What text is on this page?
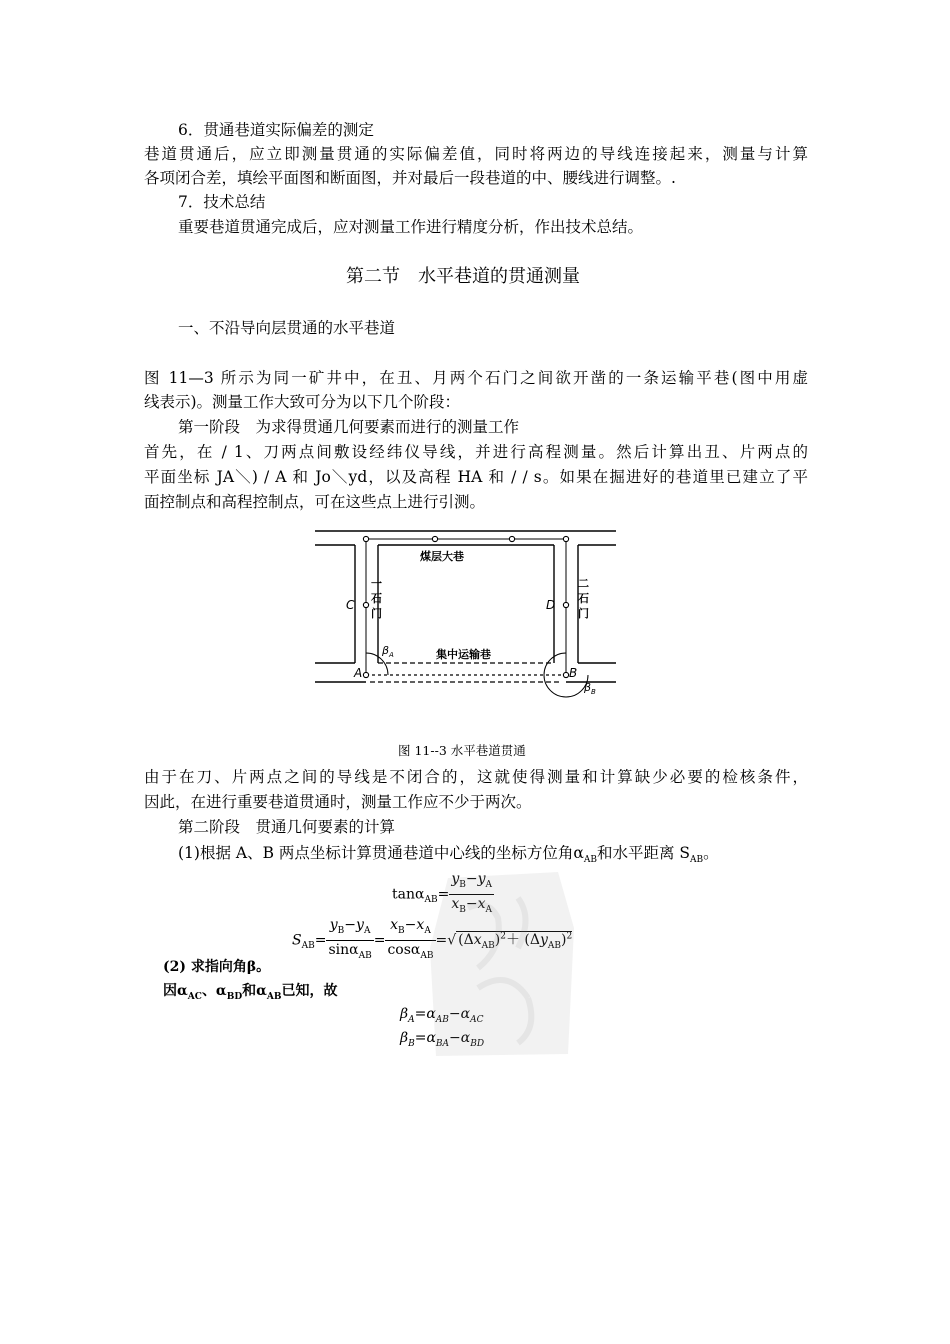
6．贯通巷道实际偏差的测定
巷道贯通后，应立即测量贯通的实际偏差值，同时将两边的导线连接起来，测量与计算
各项闭合差，填绘平面图和断面图，并对最后一段巷道的中、腰线进行调整。.
7．技术总结
重要巷道贯通完成后，应对测量工作进行精度分析，作出技术总结。
第二节　水平巷道的贯通测量
一、不沿导向层贯通的水平巷道
图 11—3 所示为同一矿井中，在丑、月两个石门之间欲开凿的一条运输平巷(图中用虚
线表示)。测量工作大致可分为以下几个阶段：
第一阶段　为求得贯通几何要素而进行的测量工作
首先，在 / 1、刀两点间敷设经纬仪导线，并进行高程测量。然后计算出丑、片两点的
平面坐标 JA＼) / A 和 Jo＼yd，以及高程 HA 和 / / s。如果在掘进好的巷道里已建立了平
面控制点和高程控制点，可在这些点上进行引测。
煤层大巷
集中运输巷
一
石
门
二
石
门
C	D
A	B
β A
β B
图 11--3 水平巷道贯通
由于在刀、片两点之间的导线是不闭合的，这就使得测量和计算缺少必要的检核条件，
因此，在进行重要巷道贯通时，测量工作应不少于两次。
第二阶段　贯通几何要素的计算
(1)根据 A、B 两点坐标计算贯通巷道中心线的坐标方位角$\alpha_{AB}$和水平距离 $S_{AB}$。
$\tan\alpha_{AB}= \frac{y_B-y_A}{x_B-x_A}$
$S_{AB}= \frac{y_B-y_A}{\sin\alpha_{AB}} = \frac{x_B-x_A}{\cos\alpha_{AB}}$ =√ $(\Delta x_{AB})^2+ (\Delta y_{AB})^2$
(2) 求指向角β。
因$\alpha_{AC}$、$\alpha_{BD}$和$\alpha_{AB}$已知，故
$\beta_A=\alpha_{AB}-\alpha_{AC}$
$\beta_B=\alpha_{BA}-\alpha_{BD}$
